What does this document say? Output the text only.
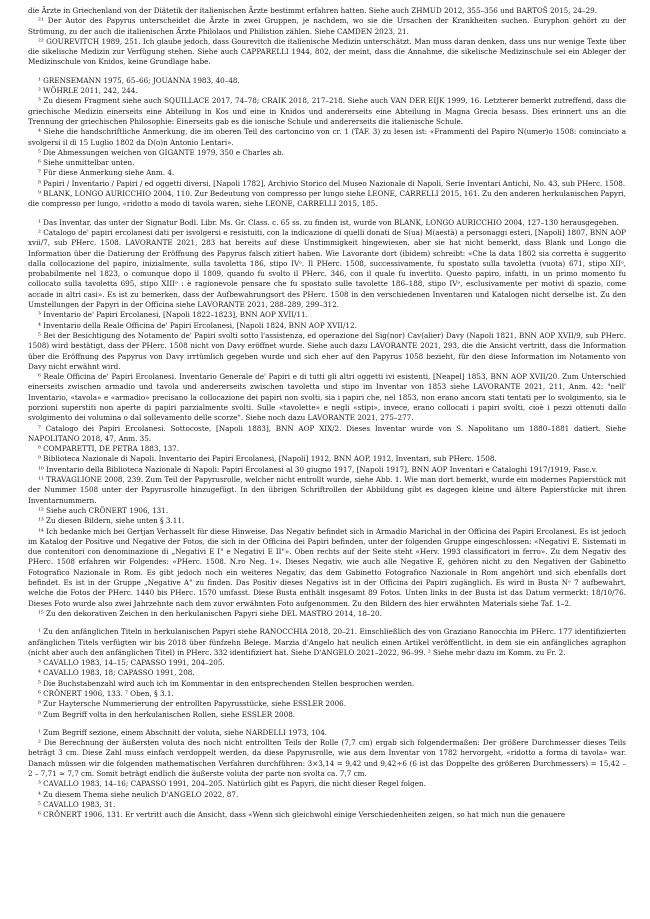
die Ärzte in Griechenland von der Diätetik der italienischen Ärzte bestimmt erfahren hatten. Siehe auch ZHMUD 2012, 355–356 und BARTOŠ 2015, 24–29.

²¹ Der Autor des Papyrus unterscheidet die Ärzte in zwei Gruppen, je nachdem, wo sie die Ursachen der Krankheiten suchen. Euryphon gehört zu der Strömung, zu der auch die italienischen Ärzte Philolaos und Philistion zählen. Siehe CAMDEN 2023, 21.

²² GOUREVITCH 1989, 251. Ich glaube jedoch, dass Gourevitch die italienische Medizin unterschätzt. Man muss daran denken, dass uns nur wenige Texte über die sikelische Medizin zur Verfügung stehen. Siehe auch CAPPARELLI 1944, 802, der meint, dass die Annahme, die sikelische Medizinschule sei ein Ableger der Medizinschule von Knidos, keine Grundlage habe.

¹ GRENSEMANN 1975, 65–66; JOUANNA 1983, 40–48.

² WÖHRLE 2011, 242, 244.

³ Zu diesem Fragment siehe auch SQUILLACE 2017, 74–78; CRAIK 2018, 217–218. Siehe auch VAN DER EIJK 1999, 16. Letzterer bemerkt zutreffend, dass die griechische Medizin einerseits eine Abteilung in Kos und eine in Knidos und andererseits eine Abteilung in Magna Grecia besass. Dies erinnert uns an die Trennung der griechischen Philosophie: Einerseits gab es die ionische Schule und andererseits die italienische Schule.

⁴ Siehe die handschriftliche Anmerkung, die im oberen Teil des cartoncino von cr. 1 (TAF. 3) zu lesen ist: «Frammenti del Papiro N(umer)o 1508: cominciato a svolgersi il dì 15 Luglio 1802 da D(o)n Antonio Lentari».

⁵ Die Abmessungen weichen von GIGANTE 1979, 350 e Charles ab.

⁶ Siehe unmittelbar unten.

⁷ Für diese Anmerkung siehe Anm. 4.

⁸ Papiri / Inventario / Papiri / ed oggetti diversi, [Napoli 1782], Archivio Storico del Museo Nazionale di Napoli, Serie Inventari Antichi, No. 43, sub PHerc. 1508.

⁹ BLANK, LONGO AURICCHIO 2004, 110. Zur Bedeutung von compresso per lungo siehe LEONE, CARRELLI 2015, 161. Zu den anderen herkulanischen Papyri, die compresso per lungo, «ridotto a modo di tavola waren, siehe LEONE, CARRELLI 2015, 185.

¹ Das Inventar, das unter der Signatur Bodl. Libr. Ms. Gr. Class. c. 65 ss. zu finden ist, wurde von BLANK, LONGO AURICCHIO 2004, 127–130 herausgegeben.

² Catalogo de' papiri ercolanesi dati per isvolgersi e resistuiti, con la indicazione di quelli donati de S(ua) M(aestà) a personaggi esteri, [Napoli] 1807, BNN AOP xvii/7, sub PHerc. 1508. LAVORANTE 2021, 283 hat bereits auf diese Unstimmigkeit hingewiesen, aber sie hat nicht bemerkt, dass Blank und Longo die Information über die Datierung der Eröffnung des Papyrus falsch zitiert haben. Wie Lavorante dort (ibidem) schreibt: «Che la data 1802 sia corretta è suggerito dalla collocazione del papiro, inizialmente, sulla tavoletta 186, stipo IVᵒ. Il PHerc. 1508, successivamente, fu spostato sulla tavoletta (vuota) 671, stipo XIIᵒ, probabilmente nel 1823, o comunque dopo il 1809, quando fu svolto il PHerc. 346, con il quale fu invertito. Questo papiro, infatti, in un primo momento fu collocato sulla tavoletta 695, stipo XIIIᵒ : è ragionevole pensare che fu spostato sulle tavolette 186–188, stipo IVᵒ, esclusivamente per motivi di spazio, come accade in altri casi». Es ist zu bemerken, dass der Aufbewahrungsort des PHerc. 1508 in den verschiedenen Inventaren und Katalogen nicht derselbe ist. Zu den Umstellungen der Papyri in der Officina siehe LAVORANTE 2021, 288–289, 299–312.

³ Inventario de' Papiri Ercolanesi, [Napoli 1822–1823], BNN AOP XVII/11.

⁴ Inventario della Reale Officina de' Papiri Ercolanesi, [Napoli 1824, BNN AOP XVII/12.

⁵ Bei der Besichtigung des Notamento de' Papiri svolti sotto l'assistenza, ed operazione del Sig(nor) Cav(alier) Davy (Napoli 1821, BNN AOP XVII/9, sub PHerc. 1508) wird bestätigt, dass der PHerc. 1508 nicht von Davy eröffnet wurde. Siehe auch dazu LAVORANTE 2021, 293, die die Ansicht vertritt, dass die Information über die Eröffnung des Papyrus von Davy irrtümlich gegeben wurde und sich eher auf den Papyrus 1058 bezieht, für den diese Information im Notamento von Davy nicht erwähnt wird.

⁶ Reale Officina de' Papiri Ercolanesi. Inventario Generale de' Papiri e di tutti gli altri oggetti ivi esistenti, [Neapel] 1853, BNN AOP XVII/20. Zum Unterschied einerseits zwischen armadio und tavola und andererseits zwischen tavoletta und stipo im Inventar von 1853 siehe LAVORANTE 2021, 211, Anm. 42: "nell' Inventario, «tavola» e «armadio» precisano la collocazione dei papiri non svolti, sia i papiri che, nel 1853, non erano ancora stati tentati per lo svolgimento, sia le porzioni superstiti non aperte di papiri parzialmente svolti. Sulle «tavolette» e negli «stipi», invece, erano collocati i papiri svolti, cioè i pezzi ottenuti dallo svolgimento dei volumina o dal sollevamento delle scorze". Siehe noch dazu LAVORANTE 2021, 275–277.

⁷ Catalogo dei Papiri Ercolanesi. Sottocoste, [Napoli 1883], BNN AOP XIX/2. Dieses Inventar wurde von S. Napolitano um 1880–1881 datiert. Siehe NAPOLITANO 2018, 47, Anm. 35.

⁸ COMPARETTI, DE PETRA 1883, 137.

⁹ Biblioteca Nazionale di Napoli. Inventario dei Papiri Ercolanesi, [Napoli] 1912, BNN AOP, 1912, Inventari, sub PHerc. 1508.

¹⁰ Inventario della Biblioteca Nazionale di Napoli: Papiri Ercolanesi al 30 giugno 1917, [Napoli 1917], BNN AOP Inventari e Cataloghi 1917/1919, Fasc.v.

¹¹ TRAVAGLIONE 2008, 239. Zum Teil der Papyrusrolle, welcher nicht entrollt wurde, siehe Abb. 1. Wie man dort bemerkt, wurde ein modernes Papierstück mit der Nummer 1508 unter der Papyrusrolle hinzugefügt. In den übrigen Schriftrollen der Abbildung gibt es dagegen kleine und ältere Papierstücke mit ihren Inventarnummern.

¹² Siehe auch CRÖNERT 1906, 131.

¹³ Zu diesen Bildern, siehe unten § 3.11.

¹⁴ Ich bedanke mich bei Gertjan Verhasselt für diese Hinweise. Das Negativ befindet sich in Armadio Marichal in der Officina dei Papiri Ercolanesi. Es ist jedoch im Katalog der Positive und Negative der Fotos, die sich in der Officina dei Papiri befinden, unter der folgenden Gruppe eingeschlossen: «Negativi E. Sistemati in due contenitori con denominazione di „Negativi E I" e Negativi E II"». Oben rechts auf der Seite steht «Herv. 1993 classificatori in ferro». Zu dem Negativ des PHerc. 1508 erfahren wir Folgendes: «PHerc. 1508. N.ro Neg. 1». Dieses Negativ, wie auch alle Negative E, gehören nicht zu den Negativen der Gabinetto Fotografico Nazionale in Rom. Es gibt jedoch noch ein weiteres Negativ, das dem Gabinetto Fotografico Nazionale in Rom angehört und sich ebenfalls dort befindet. Es ist in der Gruppe „Negative A" zu finden. Das Positiv dieses Negativs ist in der Officina dei Papiri zugänglich. Es wird in Busta Nᵒ 7 aufbewahrt, welche die Fotos der PHerc. 1440 bis PHerc. 1570 umfasst. Diese Busta enthält insgesamt 89 Fotos. Unten links in der Busta ist das Datum vermerkt: 18/10/76. Dieses Foto wurde also zwei Jahrzehnte nach dem zuvor erwähnten Foto aufgenommen. Zu den Bildern des hier erwähnten Materials siehe Taf. 1–2.

¹⁵ Zu den dekorativen Zeichen in den herkulanischen Papyri siehe DEL MASTRO 2014, 18–20.

¹ Zu den anfänglichen Titeln in herkulanischen Papyri siehe RANOCCHIA 2018, 20–21. Einschließlich des von Graziano Ranocchia im PHerc. 177 identifizierten anfänglichen Titels verfügten wir bis 2018 über fünfzehn Belege. Marzia d'Angelo hat neulich einen Artikel veröffentlicht, in dem sie ein anfängliches agraphon (nicht aber auch den anfänglichen Titel) in PHerc. 332 identifiziert hat. Siehe D'ANGELO 2021–2022, 96–99. ² Siehe mehr dazu im Komm. zu Fr. 2.

³ CAVALLO 1983, 14–15; CAPASSO 1991, 204–205.

⁴ CAVALLO 1983, 18; CAPASSO 1991, 208.

⁵ Die Buchstabenzahl wird auch ich im Kommentar in den entsprechenden Stellen besprochen werden.

⁶ CRÖNERT 1906, 133. ⁷ Oben, § 3.1.

⁸ Zur Haytersche Nummerierung der entrollten Papyrusstücke, siehe ESSLER 2006.

⁹ Zum Begriff volta in den herkulanischen Rollen, siehe ESSLER 2008.

¹ Zum Begriff sezione, einem Abschnitt der voluta, siehe NARDELLI 1973, 104.

² Die Berechnung der äußersten voluta des noch nicht entrollten Teils der Rolle (7,7 cm) ergab sich folgendermaßen: Der größere Durchmesser dieses Teils beträgt 3 cm. Diese Zahl muss einfach verdoppelt werden, da diese Papyrusrolle, wie aus dem Inventar von 1782 hervorgeht, «ridotto a forma di tavola» war. Danach müssen wir die folgenden mathematischen Verfahren durchführen: 3×3,14 = 9,42 und 9,42÷6 (6 ist das Doppelte des größeren Durchmessers) = 15,42 – 2 – 7,71 ≈ 7,7 cm. Somit beträgt endlich die äußerste voluta der parte non svolta ca. 7,7 cm.

³ CAVALLO 1983, 14–16; CAPASSO 1991, 204–205. Natürlich gibt es Papyri, die nicht dieser Regel folgen.

⁴ Zu diesem Thema siehe neulich D'ANGELO 2022, 87.

⁵ CAVALLO 1983, 31.

⁶ CRÖNERT 1906, 131. Er vertritt auch die Ansicht, dass «Wenn sich gleichwohl einige Verschiedenheiten zeigen, so hat mich nun die genauere
